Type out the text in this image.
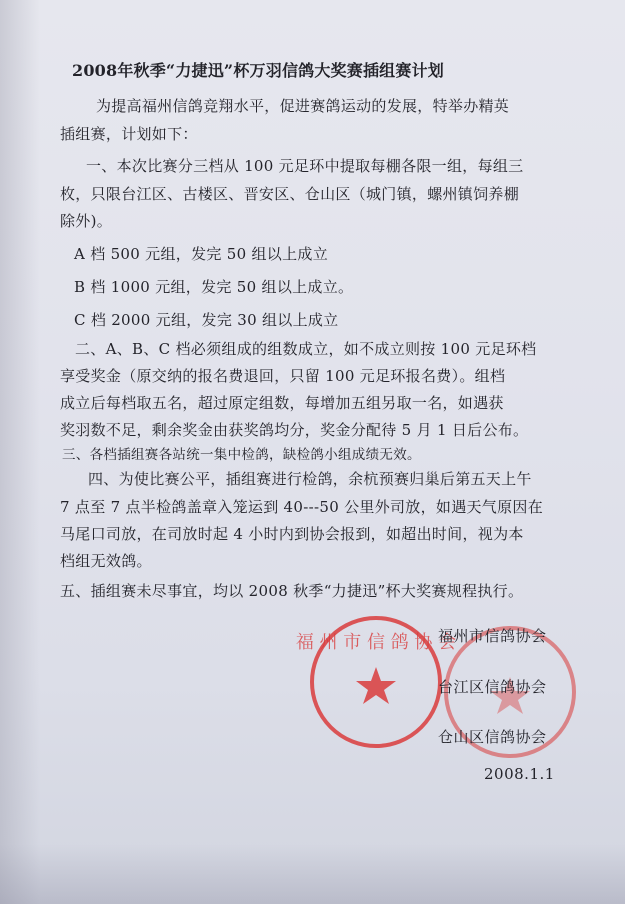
2008年秋季“力捷迅”杯万羽信鸽大奖赛插组赛计划
为提高福州信鸽竞翔水平，促进赛鸽运动的发展，特举办精英
插组赛，计划如下：
一、本次比赛分三档从 100 元足环中提取每棚各限一组，每组三
枚，只限台江区、古楼区、晋安区、仓山区（城门镇，螺州镇饲养棚
除外)。
A 档 500 元组，发完 50 组以上成立
B 档 1000 元组，发完 50 组以上成立。
C 档 2000 元组，发完 30 组以上成立
二、A、B、C 档必须组成的组数成立，如不成立则按 100 元足环档
享受奖金（原交纳的报名费退回，只留 100 元足环报名费）。组档
成立后每档取五名，超过原定组数，每增加五组另取一名，如遇获
奖羽数不足，剩余奖金由获奖鸽均分，奖金分配待 5 月 1 日后公布。
三、各档插组赛各站统一集中检鸽，缺检鸽小组成绩无效。
四、为使比赛公平，插组赛进行检鸽，余杭预赛归巢后第五天上午
7 点至 7 点半检鸽盖章入笼运到 40---50 公里外司放，如遇天气原因在
马尾口司放，在司放时起 4 小时内到协会报到，如超出时间，视为本
档组无效鸽。
五、插组赛未尽事宜，均以 2008 秋季“力捷迅”杯大奖赛规程执行。
福 州 市 信 鸽 协 会
福州市信鸽协会
台江区信鸽协会
仓山区信鸽协会
2008.1.1
